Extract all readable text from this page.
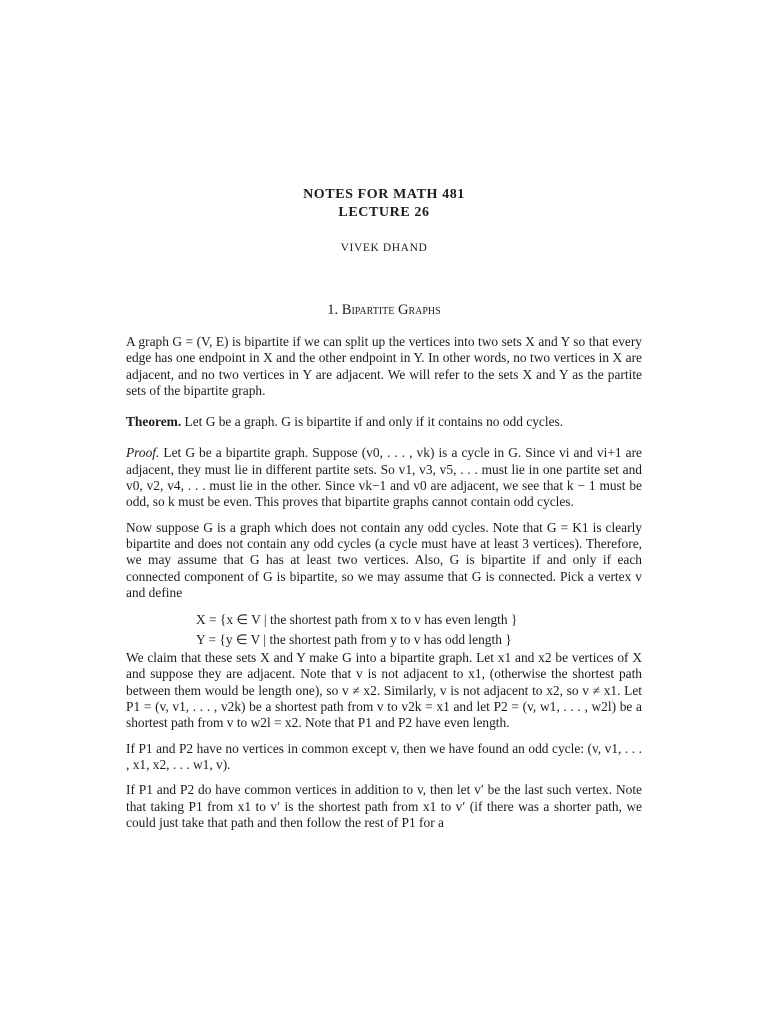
NOTES FOR MATH 481
LECTURE 26
VIVEK DHAND
1. Bipartite Graphs

A graph G = (V, E) is bipartite if we can split up the vertices into two sets X and Y so that every edge has one endpoint in X and the other endpoint in Y. In other words, no two vertices in X are adjacent, and no two vertices in Y are adjacent. We will refer to the sets X and Y as the partite sets of the bipartite graph.

Theorem. Let G be a graph. G is bipartite if and only if it contains no odd cycles.

Proof. Let G be a bipartite graph. Suppose (v0, . . . , vk) is a cycle in G. Since vi and vi+1 are adjacent, they must lie in different partite sets. So v1, v3, v5, . . . must lie in one partite set and v0, v2, v4, . . . must lie in the other. Since vk−1 and v0 are adjacent, we see that k − 1 must be odd, so k must be even. This proves that bipartite graphs cannot contain odd cycles.

Now suppose G is a graph which does not contain any odd cycles. Note that G = K1 is clearly bipartite and does not contain any odd cycles (a cycle must have at least 3 vertices). Therefore, we may assume that G has at least two vertices. Also, G is bipartite if and only if each connected component of G is bipartite, so we may assume that G is connected. Pick a vertex v and define

X = {x ∈ V | the shortest path from x to v has even length }
Y = {y ∈ V | the shortest path from y to v has odd length }

We claim that these sets X and Y make G into a bipartite graph. Let x1 and x2 be vertices of X and suppose they are adjacent. Note that v is not adjacent to x1, (otherwise the shortest path between them would be length one), so v ≠ x2. Similarly, v is not adjacent to x2, so v ≠ x1. Let P1 = (v, v1, . . . , v2k) be a shortest path from v to v2k = x1 and let P2 = (v, w1, . . . , w2l) be a shortest path from v to w2l = x2. Note that P1 and P2 have even length.

If P1 and P2 have no vertices in common except v, then we have found an odd cycle: (v, v1, . . . , x1, x2, . . . w1, v).

If P1 and P2 do have common vertices in addition to v, then let v′ be the last such vertex. Note that taking P1 from x1 to v′ is the shortest path from x1 to v′ (if there was a shorter path, we could just take that path and then follow the rest of P1 for a
